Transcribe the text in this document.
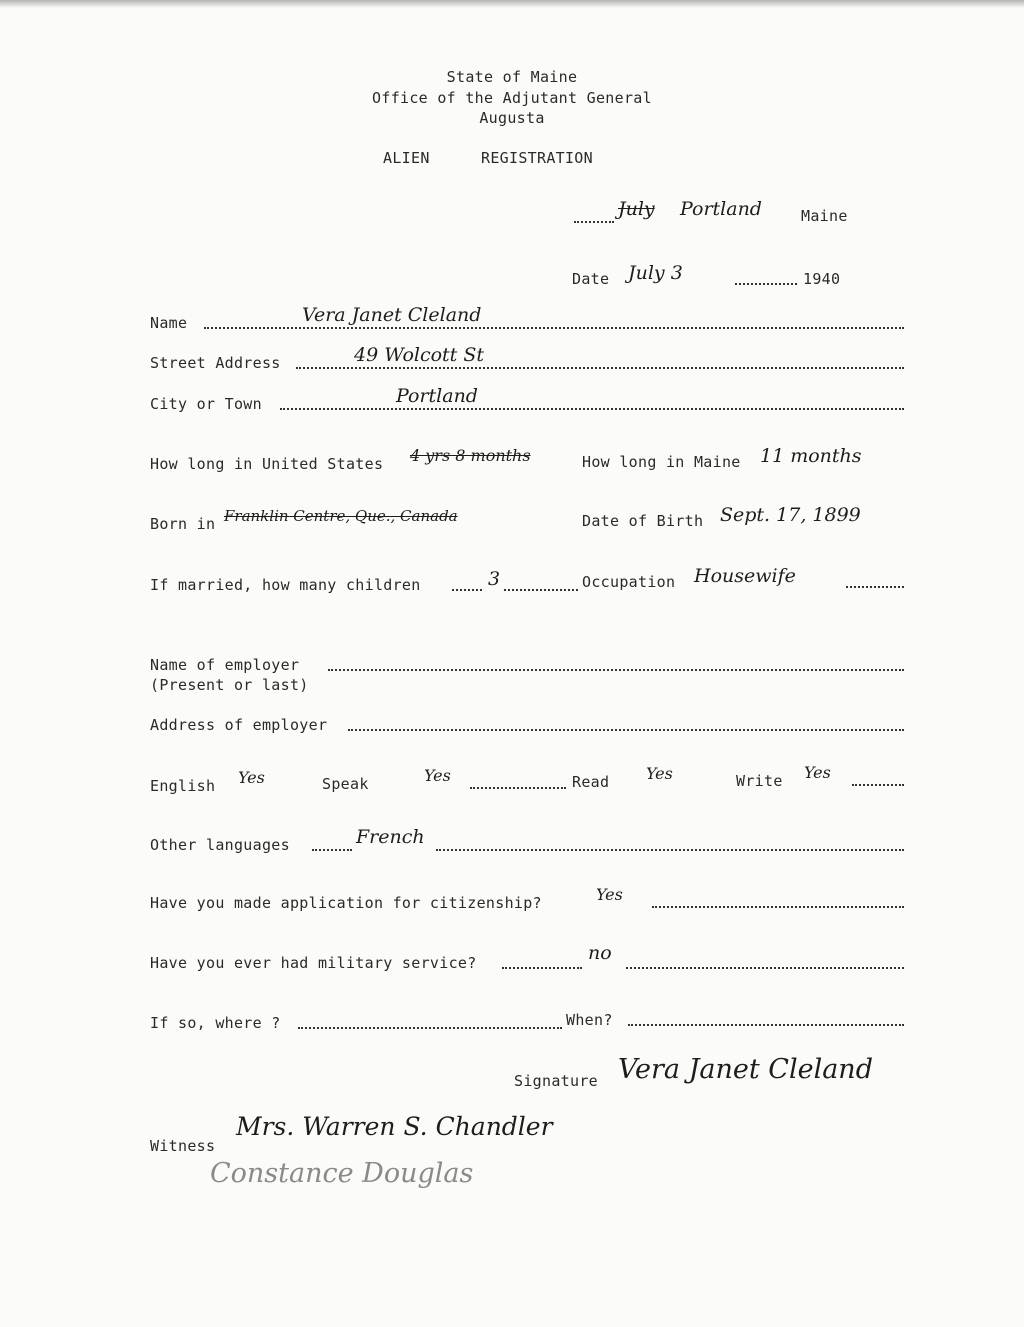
State of Maine
Office of the Adjutant General
Augusta
ALIEN	REGISTRATION
July Portland	Maine
Date July 3	1940
Name	Vera Janet Cleland
Street Address	49 Wolcott St
City or Town	Portland
How long in United States 4 yrs 8 months	How long in Maine 11 months
Born in Franklin Centre, Que., Canada	Date of Birth Sept. 17, 1899
If married, how many children	3	Occupation Housewife
Name of employer
(Present or last)
Address of employer
English Yes	Speak	Yes	Read Yes	Write Yes
Other languages	French
Have you made application for citizenship?	Yes
Have you ever had military service?	no
If so, where ?	When?
Signature Vera Janet Cleland
Witness
Mrs. Warren S. Chandler
Constance Douglas
